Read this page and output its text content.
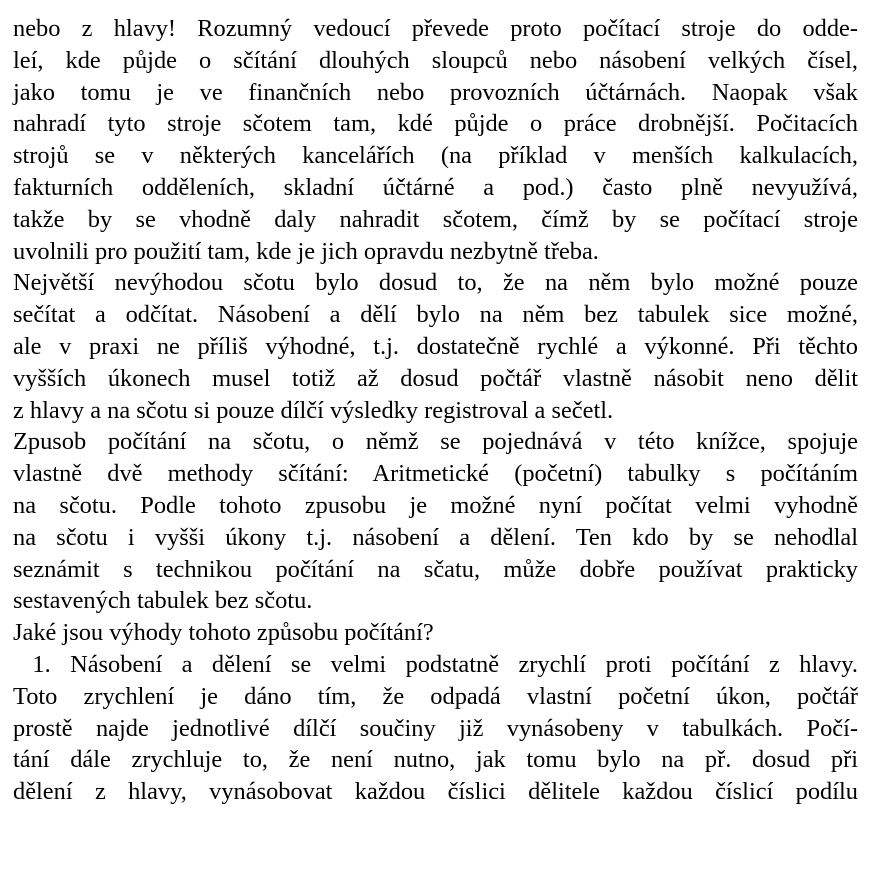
nebo z hlavy! Rozumný vedoucí převede proto počítací stroje do odde-
leí, kde půjde o sčítání dlouhých sloupců nebo násobení velkých čísel,
jako tomu je ve finančních nebo provozních účtárnách. Naopak však
nahradí tyto stroje sčotem tam, kdé půjde o práce drobnější. Počitacích
strojů se v některých kancelářích (na příklad v menších kalkulacích,
fakturních odděleních, skladní účtárné a pod.) často plně nevyužívá,
takže by se vhodně daly nahradit sčotem, čímž by se počítací stroje
uvolnili pro použití tam, kde je jich opravdu nezbytně třeba.
Největší nevýhodou sčotu bylo dosud to, že na něm bylo možné pouze
sečítat a odčítat. Násobení a dělí bylo na něm bez tabulek sice možné,
ale v praxi ne příliš výhodné, t.j. dostatečně rychlé a výkonné. Při těchto
vyšších úkonech musel totiž až dosud počtář vlastně násobit neno dělit
z hlavy a na sčotu si pouze dílčí výsledky registroval a sečetl.
Zpusob počítání na sčotu, o němž se pojednává v této knížce, spojuje
vlastně dvě methody sčítání: Aritmetické (početní) tabulky s počítáním
na sčotu. Podle tohoto zpusobu je možné nyní počítat velmi vyhodně
na sčotu i vyšši úkony t.j. násobení a dělení. Ten kdo by se nehodlal
seznámit s technikou počítání na sčatu, může dobře používat prakticky
sestavených tabulek bez sčotu.
Jaké jsou výhody tohoto způsobu počítání?
1. Násobení a dělení se velmi podstatně zrychlí proti počítání z hlavy.
Toto zrychlení je dáno tím, že odpadá vlastní početní úkon, počtář
prostě najde jednotlivé dílčí součiny již vynásobeny v tabulkách. Počí-
tání dále zrychluje to, že není nutno, jak tomu bylo na př. dosud při
dělení z hlavy, vynásobovat každou číslici dělitele každou číslicí podílu
